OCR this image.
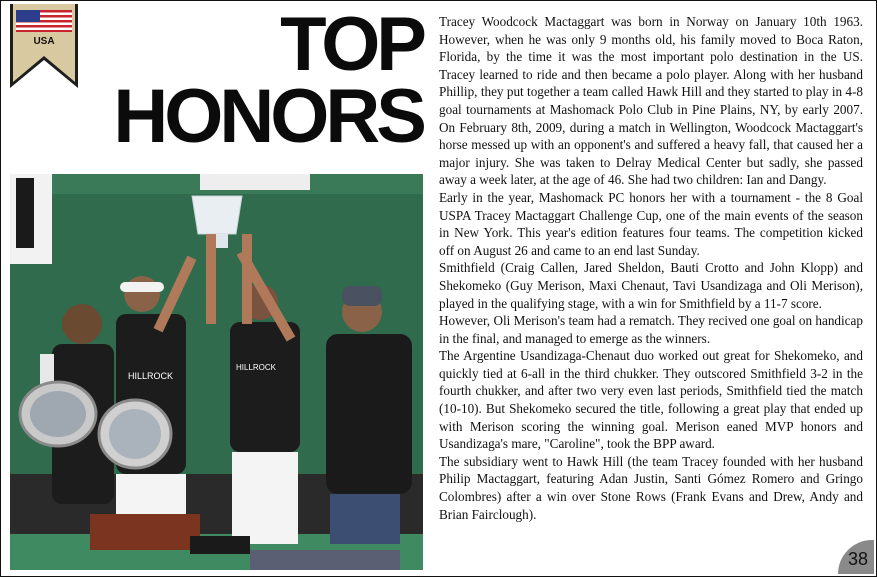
USA	TOP
HONORS
HILLROCK
HILLROCK

Tracey Woodcock Mactaggart was born in Norway on January 10th 1963. However, when he was only 9 months old, his family moved to Boca Raton, Florida, by the time it was the most important polo destination in the US. Tracey learned to ride and then became a polo player. Along with her husband Phillip, they put together a team called Hawk Hill and they started to play in 4-8 goal tournaments at Mashomack Polo Club in Pine Plains, NY, by early 2007. On February 8th, 2009, during a match in Wellington, Woodcock Mactaggart's horse messed up with an opponent's and suffered a heavy fall, that caused her a major injury. She was taken to Delray Medical Center but sadly, she passed away a week later, at the age of 46. She had two children: Ian and Dangy.

Early in the year, Mashomack PC honors her with a tournament - the 8 Goal USPA Tracey Mactaggart Challenge Cup, one of the main events of the season in New York. This year's edition features four teams. The competition kicked off on August 26 and came to an end last Sunday.

Smithfield (Craig Callen, Jared Sheldon, Bauti Crotto and John Klopp) and Shekomeko (Guy Merison, Maxi Chenaut, Tavi Usandizaga and Oli Merison), played in the qualifying stage, with a win for Smithfield by a 11-7 score.

However, Oli Merison's team had a rematch. They recived one goal on handicap in the final, and managed to emerge as the winners.

The Argentine Usandizaga-Chenaut duo worked out great for Shekomeko, and quickly tied at 6-all in the third chukker. They outscored Smithfield 3-2 in the fourth chukker, and after two very even last periods, Smithfield tied the match (10-10). But Shekomeko secured the title, following a great play that ended up with Merison scoring the winning goal. Merison eaned MVP honors and Usandizaga's mare, "Caroline", took the BPP award.

The subsidiary went to Hawk Hill (the team Tracey founded with her husband Philip Mactaggart, featuring Adan Justin, Santi Gómez Romero and Gringo Colombres) after a win over Stone Rows (Frank Evans and Drew, Andy and Brian Fairclough).

38
